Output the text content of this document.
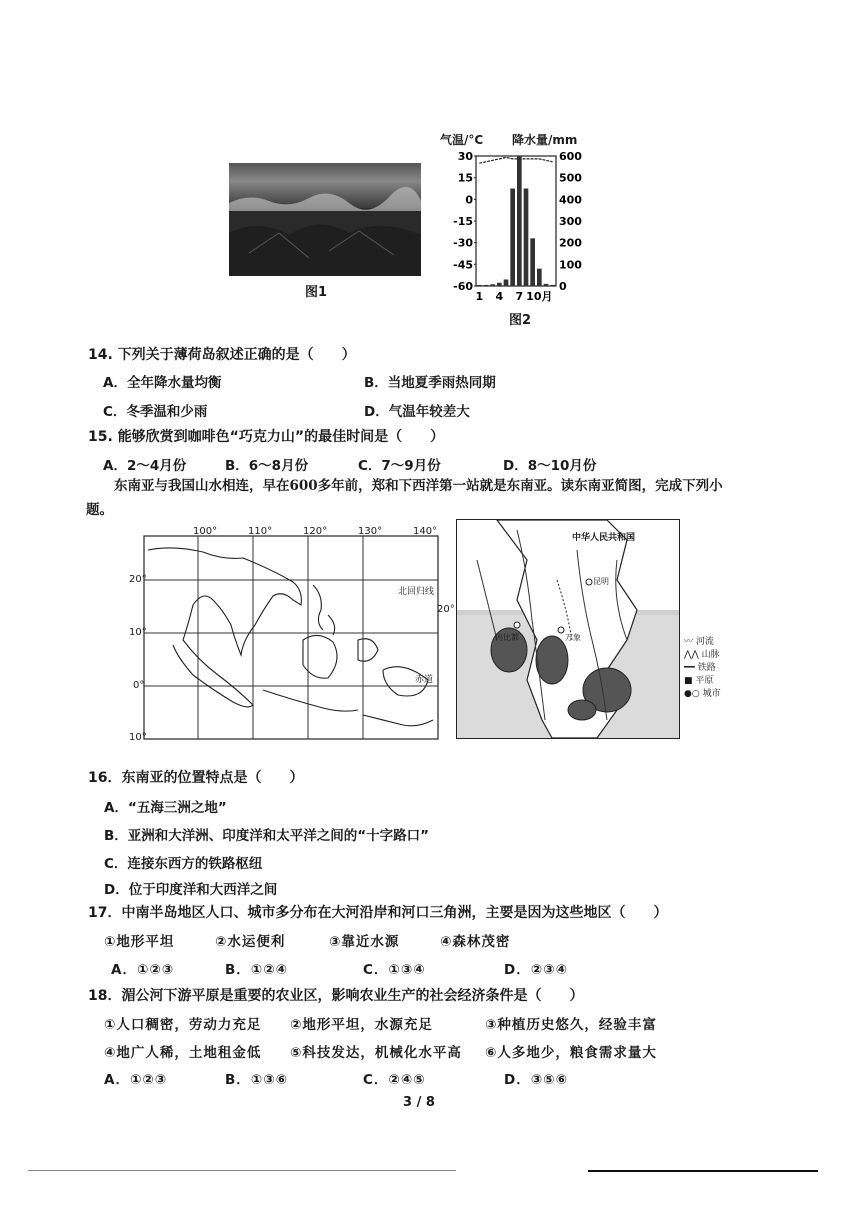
图1
气温/°C 降水量/mm
30
15
0
-15
-30
-45
-60
600
500
400
300
200
100
0
1 4 7 10月
图2
14. 下列关于薄荷岛叙述正确的是（　　）
A．全年降水量均衡	B．当地夏季雨热同期
C．冬季温和少雨	D．气温年较差大
15. 能够欣赏到咖啡色“巧克力山”的最佳时间是（　　）
A．2～4月份	B．6～8月份	C．7～9月份	D．8～10月份
东南亚与我国山水相连，早在600多年前，郑和下西洋第一站就是东南亚。读东南亚简图，完成下列小题。
100°	110°	120°	130°	140°
20°
10°
0°
10°
北回归线
赤道
中华人民共和国
昆明
内比都	万象
20°
〰 河流
⋀⋀ 山脉
━━ 铁路
■ 平原
●○ 城市
16．东南亚的位置特点是（　　）
A．“五海三洲之地”
B．亚洲和大洋洲、印度洋和太平洋之间的“十字路口”
C．连接东西方的铁路枢纽
D．位于印度洋和大西洋之间
17．中南半岛地区人口、城市多分布在大河沿岸和河口三角洲，主要是因为这些地区（　　）
①地形平坦	②水运便利	③靠近水源	④森林茂密
A．①②③	B．①②④	C．①③④	D．②③④
18．湄公河下游平原是重要的农业区，影响农业生产的社会经济条件是（　　）
①人口稠密，劳动力充足 ②地形平坦，水源充足	③种植历史悠久，经验丰富
④地广人稀，土地租金低 ⑤科技发达，机械化水平高 ⑥人多地少，粮食需求量大
A．①②③	B．①③⑥	C．②④⑤	D．③⑤⑥
3 / 8
